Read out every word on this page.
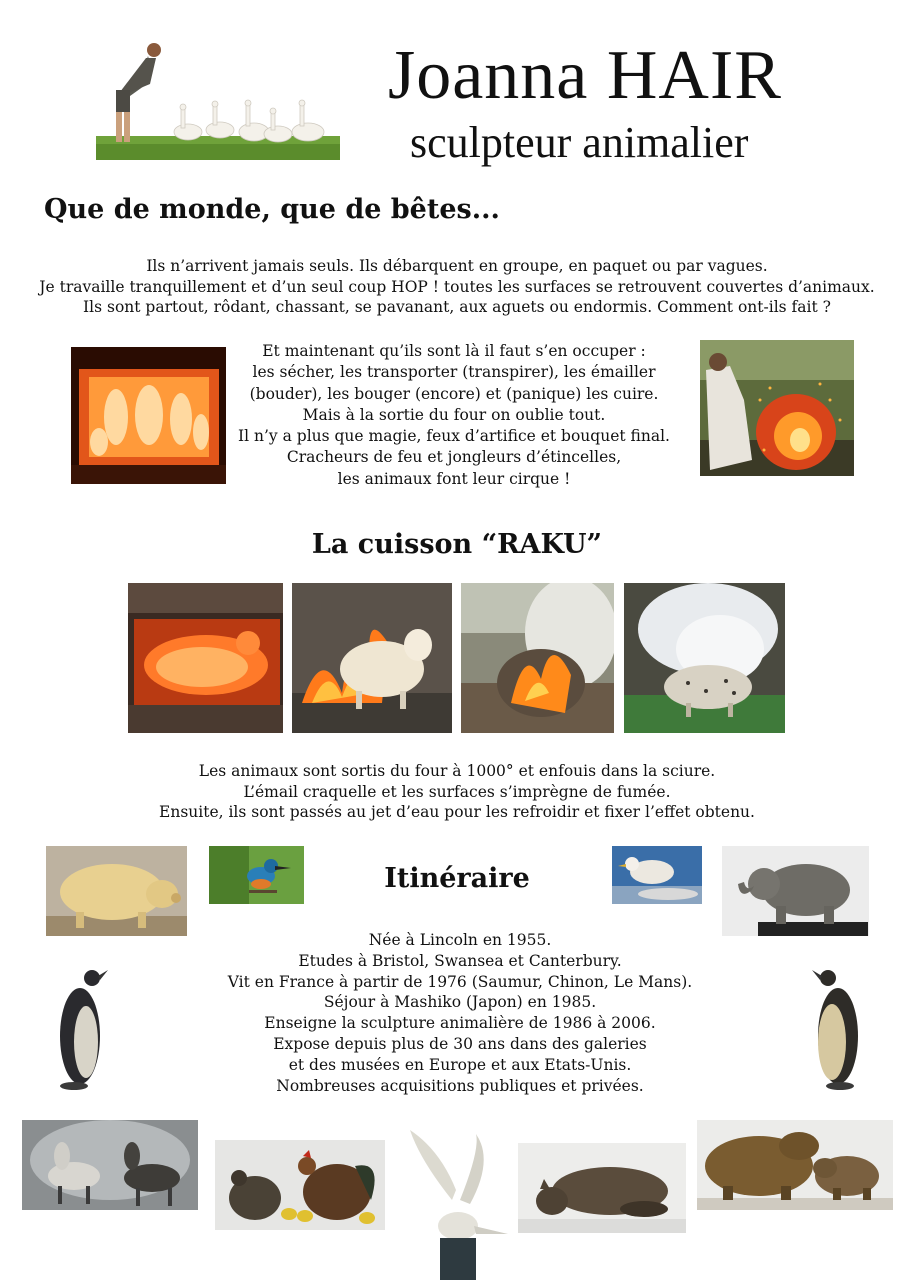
Joanna HAIR
sculpteur animalier
Que de monde, que de bêtes...

Ils n’arrivent jamais seuls. Ils débarquent en groupe, en paquet ou par vagues.

Je travaille tranquillement et d’un seul coup HOP ! toutes les surfaces se retrouvent couvertes d’animaux.

Ils sont partout, rôdant, chassant, se pavanant, aux aguets ou endormis. Comment ont-ils fait ?

Et maintenant qu’ils sont là il faut s’en occuper :

les sécher, les transporter (transpirer), les émailler

(bouder), les bouger (encore) et (panique) les cuire.

Mais à la sortie du four on oublie tout.

Il n’y a plus que magie, feux d’artifice et bouquet final.

Cracheurs de feu et jongleurs d’étincelles,

les animaux font leur cirque !

La cuisson “RAKU”

Les animaux sont sortis du four à 1000° et enfouis dans la sciure.

L’émail craquelle et les surfaces s’imprègne de fumée.

Ensuite, ils sont passés au jet d’eau pour les refroidir et fixer l’effet obtenu.

Itinéraire

Née à Lincoln en 1955.

Etudes à Bristol, Swansea et Canterbury.

Vit en France à partir de 1976 (Saumur, Chinon, Le Mans).

Séjour à Mashiko (Japon) en 1985.

Enseigne la sculpture animalière de 1986 à 2006.

Expose depuis plus de 30 ans dans des galeries

et des musées en Europe et aux Etats-Unis.

Nombreuses acquisitions publiques et privées.
